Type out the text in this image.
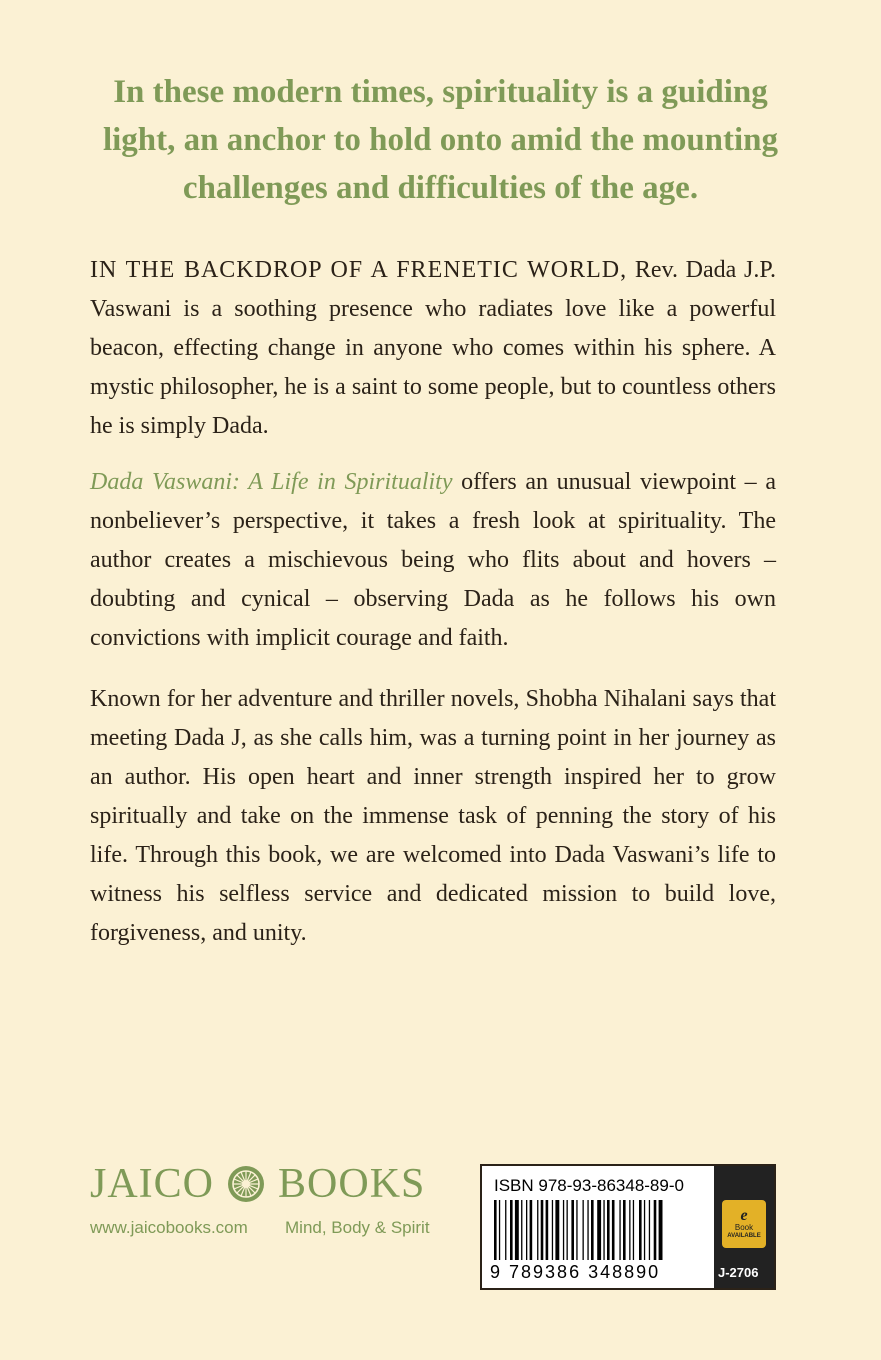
In these modern times, spirituality is a guiding
light, an anchor to hold onto amid the mounting
challenges and difficulties of the age.

IN THE BACKDROP OF A FRENETIC WORLD, Rev. Dada J.P. Vaswani is a soothing presence who radiates love like a powerful beacon, effecting change in anyone who comes within his sphere. A mystic philosopher, he is a saint to some people, but to countless others he is simply Dada.

Dada Vaswani: A Life in Spirituality offers an unusual viewpoint – a nonbeliever’s perspective, it takes a fresh look at spirituality. The author creates a mischievous being who flits about and hovers – doubting and cynical – observing Dada as he follows his own convictions with implicit courage and faith.

Known for her adventure and thriller novels, Shobha Nihalani says that meeting Dada J, as she calls him, was a turning point in her journey as an author. His open heart and inner strength inspired her to grow spiritually and take on the immense task of penning the story of his life. Through this book, we are welcomed into Dada Vaswani’s life to witness his selfless service and dedicated mission to build love, forgiveness, and unity.

JAICO BOOKS
www.jaicobooks.com Mind, Body & Spirit
ISBN 978-93-86348-89-0
9 789386 348890
e
Book
AVAILABLE
J-2706
